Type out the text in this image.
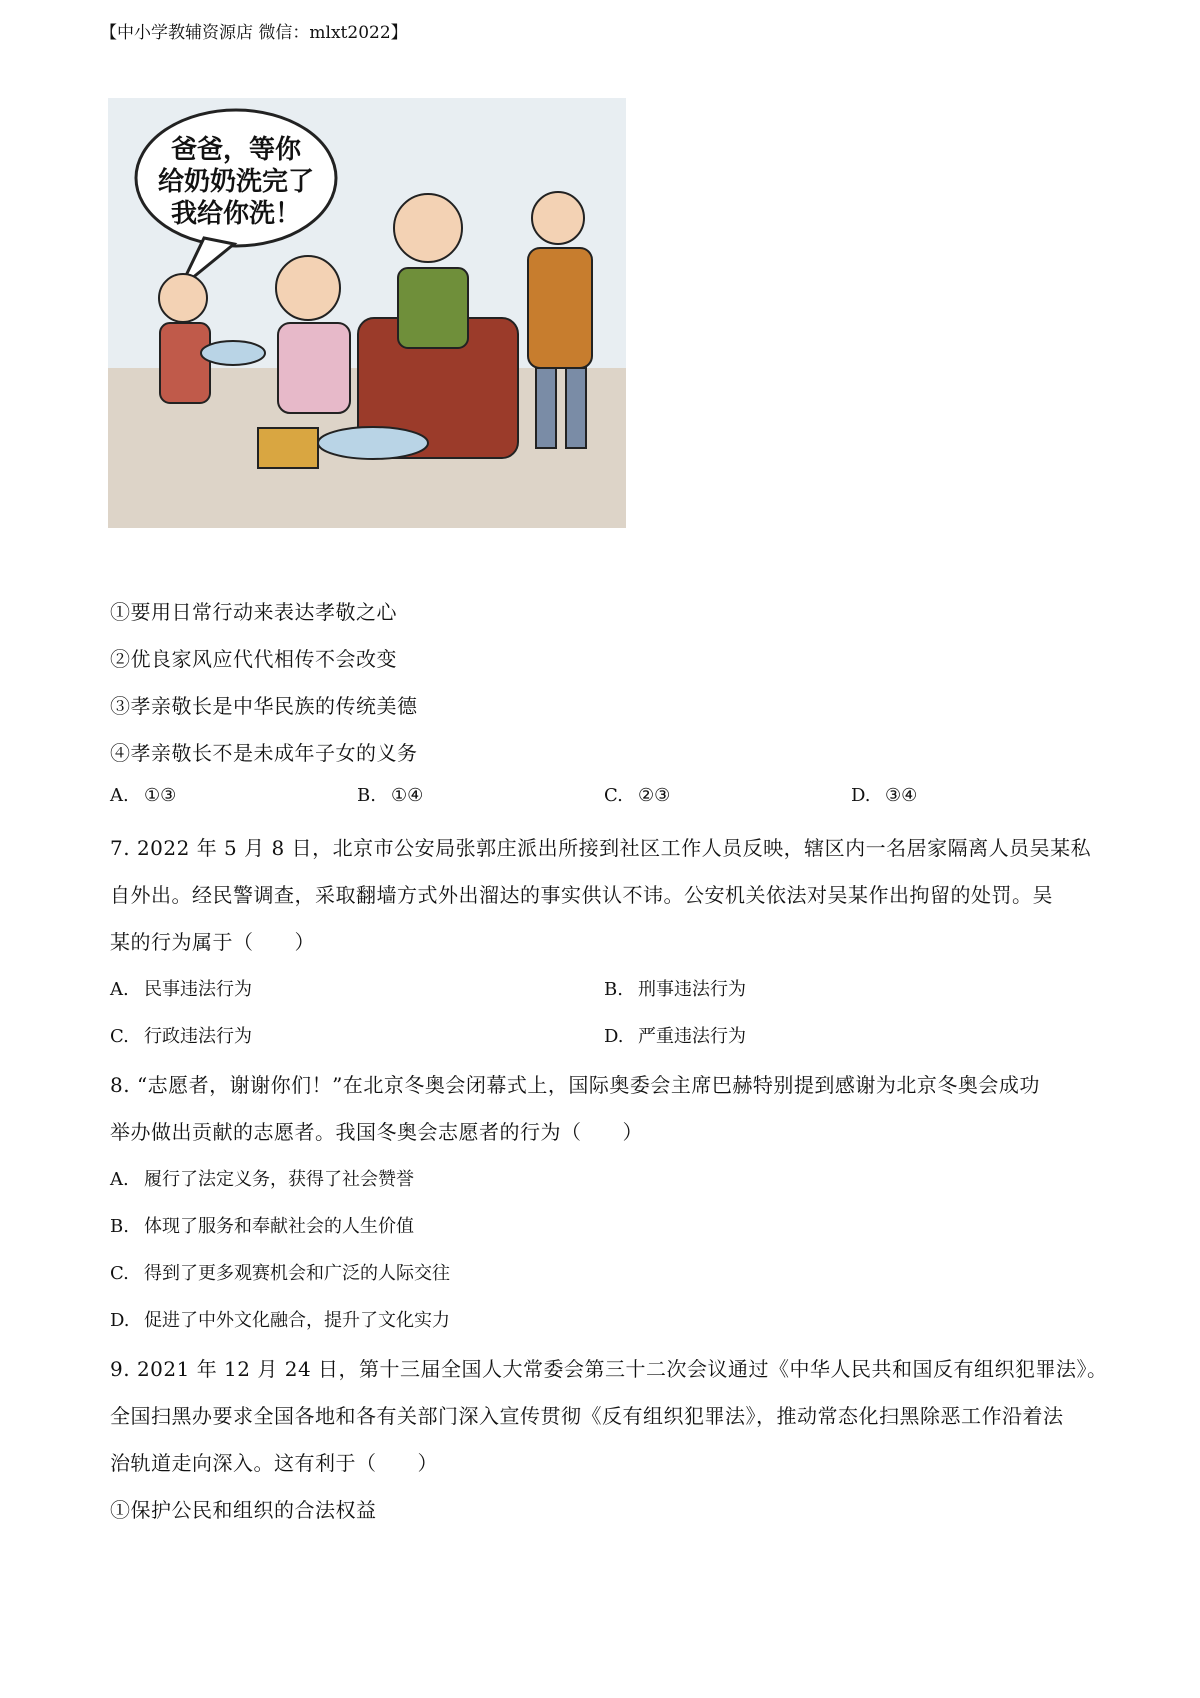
【中小学教辅资源店 微信：mlxt2022】
爸爸，等你
给奶奶洗完了
我给你洗！
①要用日常行动来表达孝敬之心
②优良家风应代代相传不会改变
③孝亲敬长是中华民族的传统美德
④孝亲敬长不是未成年子女的义务
A. ①③	B. ①④	C. ②③	D. ③④
7. 2022 年 5 月 8 日，北京市公安局张郭庄派出所接到社区工作人员反映，辖区内一名居家隔离人员吴某私
自外出。经民警调查，采取翻墙方式外出溜达的事实供认不讳。公安机关依法对吴某作出拘留的处罚。吴
某的行为属于（　　）
A. 民事违法行为	B. 刑事违法行为
C. 行政违法行为	D. 严重违法行为
8. “志愿者，谢谢你们！”在北京冬奥会闭幕式上，国际奥委会主席巴赫特别提到感谢为北京冬奥会成功
举办做出贡献的志愿者。我国冬奥会志愿者的行为（　　）
A. 履行了法定义务，获得了社会赞誉
B. 体现了服务和奉献社会的人生价值
C. 得到了更多观赛机会和广泛的人际交往
D. 促进了中外文化融合，提升了文化实力
9. 2021 年 12 月 24 日，第十三届全国人大常委会第三十二次会议通过《中华人民共和国反有组织犯罪法》。
全国扫黑办要求全国各地和各有关部门深入宣传贯彻《反有组织犯罪法》，推动常态化扫黑除恶工作沿着法
治轨道走向深入。这有利于（　　）
①保护公民和组织的合法权益
